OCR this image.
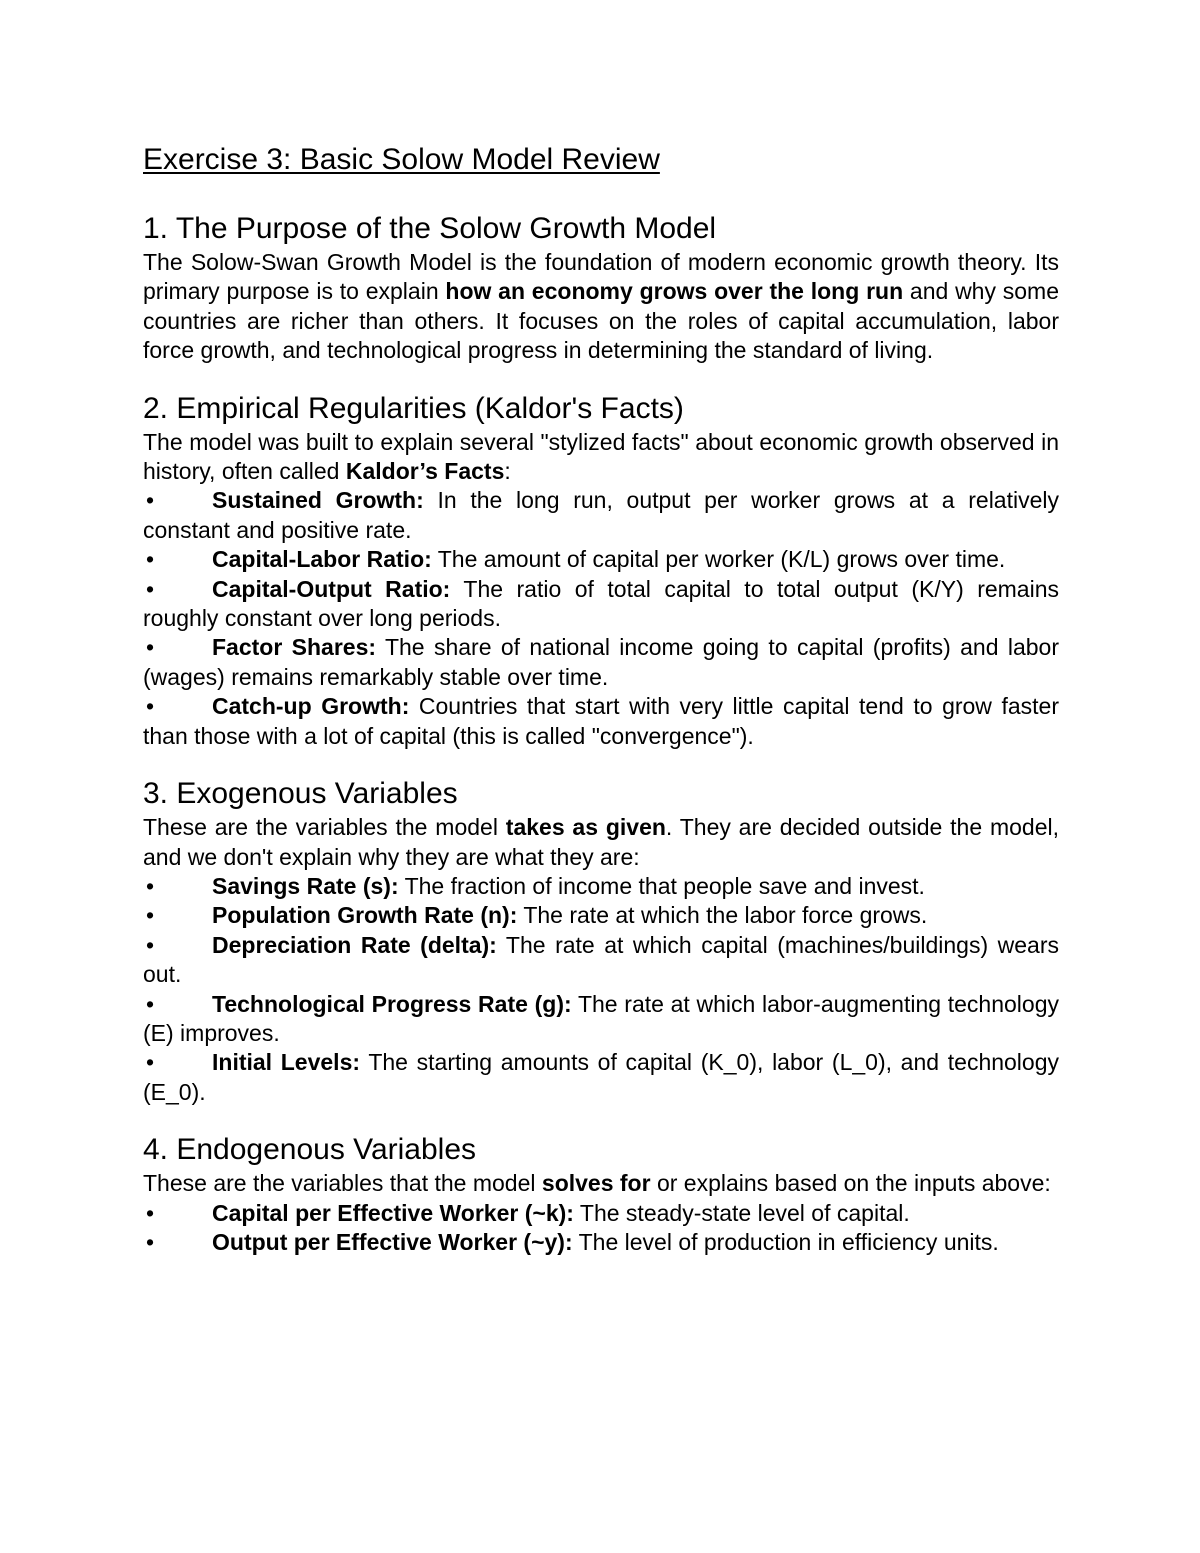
Exercise 3: Basic Solow Model Review
1. The Purpose of the Solow Growth Model

The Solow-Swan Growth Model is the foundation of modern economic growth theory. Its primary purpose is to explain how an economy grows over the long run and why some countries are richer than others. It focuses on the roles of capital accumulation, labor force growth, and technological progress in determining the standard of living.

2. Empirical Regularities (Kaldor's Facts)

The model was built to explain several "stylized facts" about economic growth observed in history, often called Kaldor’s Facts:

•	Sustained Growth: In the long run, output per worker grows at a relatively constant and positive rate.
•	Capital-Labor Ratio: The amount of capital per worker (K/L) grows over time.
•	Capital-Output Ratio: The ratio of total capital to total output (K/Y) remains roughly constant over long periods.
•	Factor Shares: The share of national income going to capital (profits) and labor (wages) remains remarkably stable over time.
•	Catch-up Growth: Countries that start with very little capital tend to grow faster than those with a lot of capital (this is called "convergence").
3. Exogenous Variables

These are the variables the model takes as given. They are decided outside the model, and we don't explain why they are what they are:

•	Savings Rate (s): The fraction of income that people save and invest.
•	Population Growth Rate (n): The rate at which the labor force grows.
•	Depreciation Rate (delta): The rate at which capital (machines/buildings) wears out.
•	Technological Progress Rate (g): The rate at which labor-augmenting technology (E) improves.
•	Initial Levels: The starting amounts of capital (K_0), labor (L_0), and technology (E_0).
4. Endogenous Variables

These are the variables that the model solves for or explains based on the inputs above:

•	Capital per Effective Worker (~k): The steady-state level of capital.
•	Output per Effective Worker (~y): The level of production in efficiency units.
